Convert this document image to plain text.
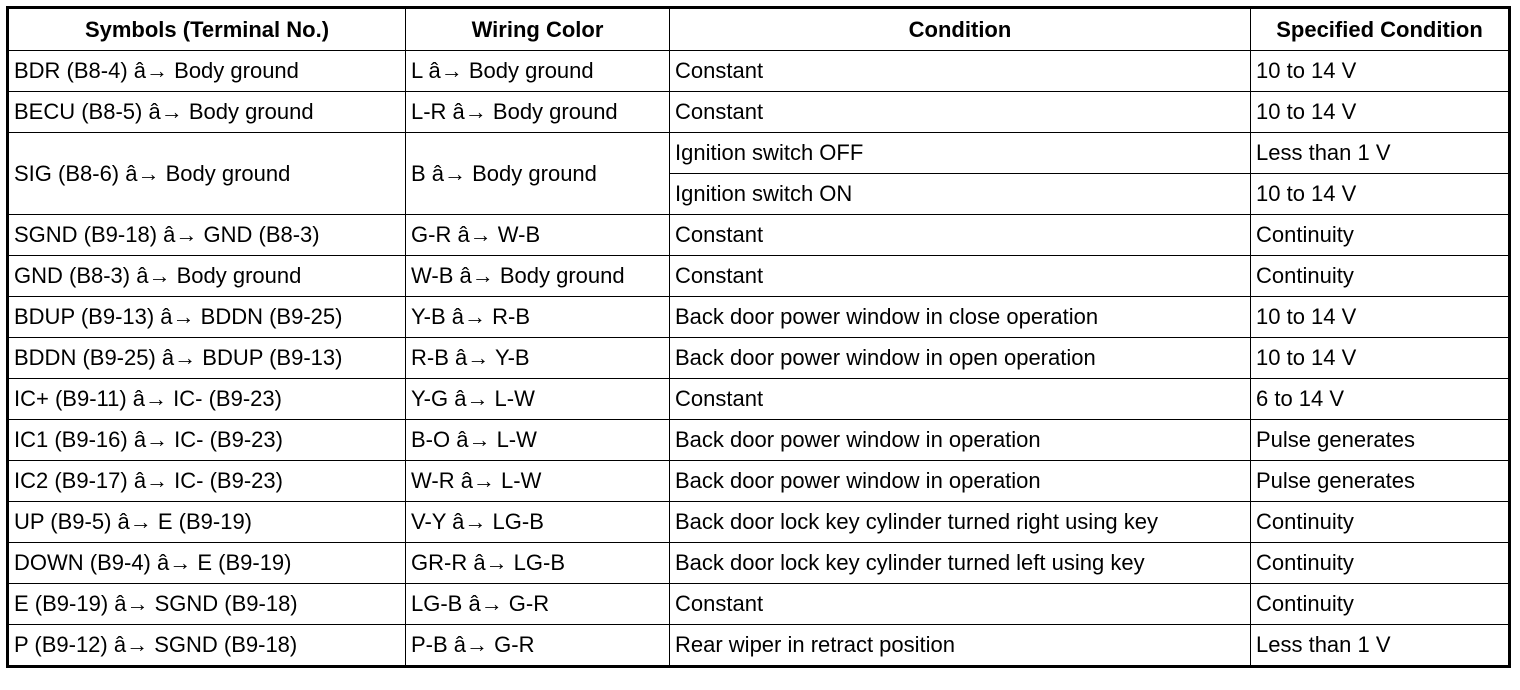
Symbols (Terminal No.)	Wiring Color	Condition	Specified Condition
BDR (B8-4) â→ Body ground	L â→ Body ground	Constant	10 to 14 V
BECU (B8-5) â→ Body ground	L-R â→ Body ground	Constant	10 to 14 V
SIG (B8-6) â→ Body ground	B â→ Body ground	Ignition switch OFF	Less than 1 V
		Ignition switch ON	10 to 14 V
SGND (B9-18) â→ GND (B8-3)	G-R â→ W-B	Constant	Continuity
GND (B8-3) â→ Body ground	W-B â→ Body ground	Constant	Continuity
BDUP (B9-13) â→ BDDN (B9-25)	Y-B â→ R-B	Back door power window in close operation	10 to 14 V
BDDN (B9-25) â→ BDUP (B9-13)	R-B â→ Y-B	Back door power window in open operation	10 to 14 V
IC+ (B9-11) â→ IC- (B9-23)	Y-G â→ L-W	Constant	6 to 14 V
IC1 (B9-16) â→ IC- (B9-23)	B-O â→ L-W	Back door power window in operation	Pulse generates
IC2 (B9-17) â→ IC- (B9-23)	W-R â→ L-W	Back door power window in operation	Pulse generates
UP (B9-5) â→ E (B9-19)	V-Y â→ LG-B	Back door lock key cylinder turned right using key	Continuity
DOWN (B9-4) â→ E (B9-19)	GR-R â→ LG-B	Back door lock key cylinder turned left using key	Continuity
E (B9-19) â→ SGND (B9-18)	LG-B â→ G-R	Constant	Continuity
P (B9-12) â→ SGND (B9-18)	P-B â→ G-R	Rear wiper in retract position	Less than 1 V
